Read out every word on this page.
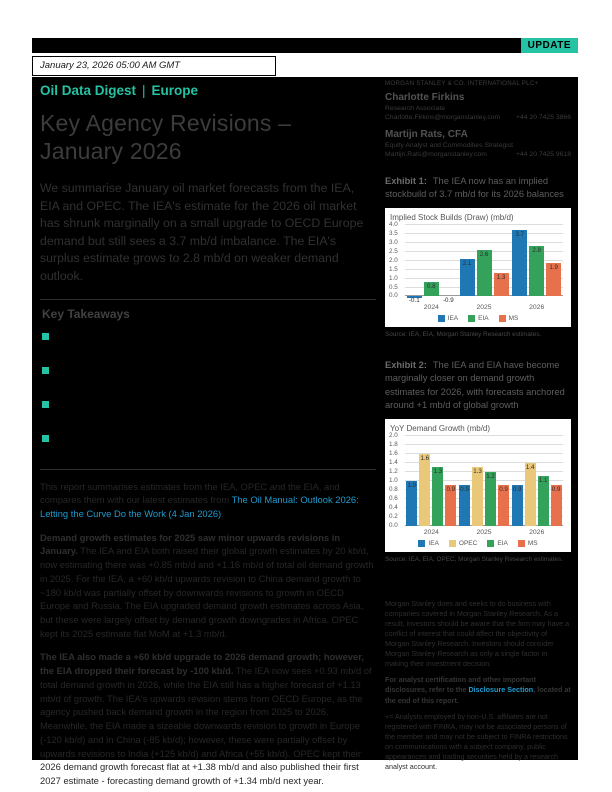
UPDATE
January 23, 2026 05:00 AM GMT
Oil Data Digest | Europe
Key Agency Revisions – January 2026

We summarise January oil market forecasts from the IEA, EIA and OPEC. The IEA's estimate for the 2026 oil market has shrunk marginally on a small upgrade to OECD Europe demand but still sees a 3.7 mb/d imbalance. The EIA's surplus estimate grows to 2.8 mb/d on weaker demand outlook.

Key Takeaways

This report summarises estimates from the IEA, OPEC and the EIA, and compares them with our latest estimates from The Oil Manual: Outlook 2026: Letting the Curve Do the Work (4 Jan 2026).

Demand growth estimates for 2025 saw minor upwards revisions in January. The IEA and EIA both raised their global growth estimates by 20 kb/d, now estimating there was +0.85 mb/d and +1.16 mb/d of total oil demand growth in 2025. For the IEA, a +60 kb/d upwards revision to China demand growth to ~180 kb/d was partially offset by downwards revisions to growth in OECD Europe and Russia. The EIA upgraded demand growth estimates across Asia, but these were largely offset by demand growth downgrades in Africa. OPEC kept its 2025 estimate flat MoM at +1.3 mb/d.

The IEA also made a +60 kb/d upgrade to 2026 demand growth; however, the EIA dropped their forecast by -100 kb/d. The IEA now sees +0.93 mb/d of total demand growth in 2026, while the EIA still has a higher forecast of +1.13 mb/d of growth. The IEA's upwards revision stems from OECD Europe, as the agency pushed back demand growth in the region from 2025 to 2026. Meanwhile, the EIA made a sizeable downwards revision to growth in Europe (-120 kb/d) and in China (-85 kb/d); however, these were partially offset by upwards revisions to India (+125 kb/d) and Africa (+55 kb/d). OPEC kept their 2026 demand growth forecast flat at +1.38 mb/d and also published their first 2027 estimate - forecasting demand growth of +1.34 mb/d next year.

MORGAN STANLEY & CO. INTERNATIONAL PLC+
Charlotte Firkins
Research Associate
Charlotte.Firkins@morganstanley.com +44 20 7425 3866
Martijn Rats, CFA
Equity Analyst and Commodities Strategist
Martijn.Rats@morganstanley.com	+44 20 7425 9618
Exhibit 1: The IEA now has an implied stockbuild of 3.7 mb/d for its 2026 balances
Implied Stock Builds (Draw) (mb/d)
0.0
0.5
1.0
1.5
2.0
2.5
3.0
3.5
4.0
-0.1
2.1
3.7
0.8
2.6
2.8
-0.9
1.3
1.9
2024	2025	2026
IEA	EIA	MS
Source: IEA, EIA, Morgan Stanley Research estimates.
Exhibit 2: The IEA and EIA have become marginally closer on demand growth estimates for 2026, with forecasts anchored around +1 mb/d of global growth
YoY Demand Growth (mb/d)
0.0
0.2
0.4
0.6
0.8
1.0
1.2
1.4
1.6
1.8
2.0
1.0
0.9	0.9
1.6
1.3
1.4
1.3
1.2
1.1
0.9	0.9	0.9
2024	2025	2026
IEA	OPEC	EIA	MS
Source: IEA, EIA, OPEC, Morgan Stanley Research estimates.

Morgan Stanley does and seeks to do business with companies covered in Morgan Stanley Research. As a result, investors should be aware that the firm may have a conflict of interest that could affect the objectivity of Morgan Stanley Research. Investors should consider Morgan Stanley Research as only a single factor in making their investment decision.

For analyst certification and other important disclosures, refer to the Disclosure Section, located at the end of this report.

+= Analysts employed by non-U.S. affiliates are not registered with FINRA, may not be associated persons of the member and may not be subject to FINRA restrictions on communications with a subject company, public appearances and trading securities held by a research analyst account.
